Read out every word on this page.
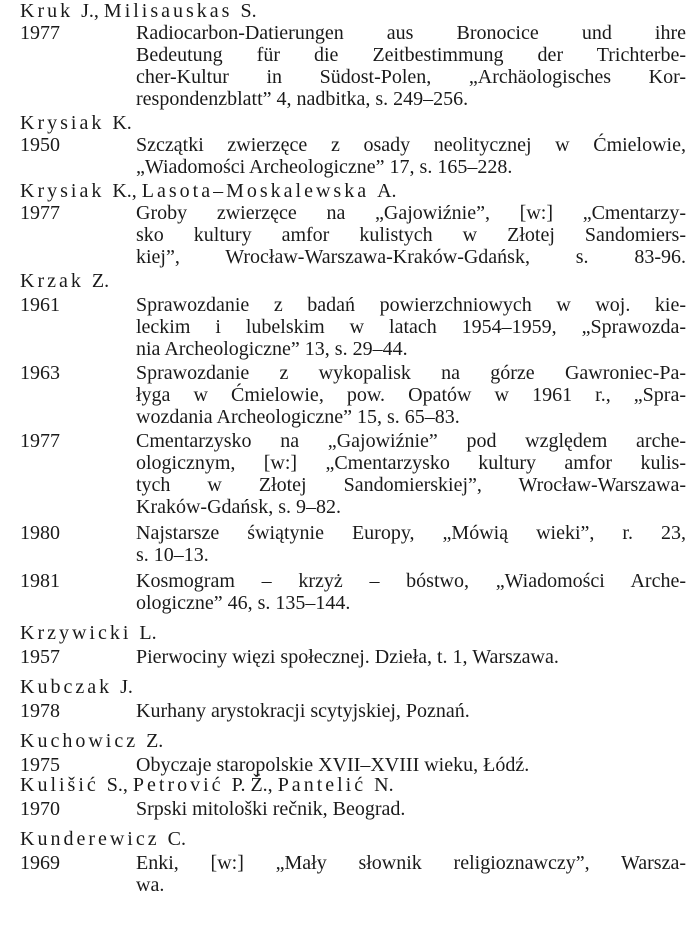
Kruk J., Milisauskas S.
1977	Radiocarbon-Datierungen aus Bronocice und ihre
Bedeutung für die Zeitbestimmung der Trichterbe-
cher-Kultur in Südost-Polen, „Archäologisches Kor-
respondenzblatt” 4, nadbitka, s. 249–256.
Krysiak K.
1950	Szczątki zwierzęce z osady neolitycznej w Ćmielowie,
„Wiadomości Archeologiczne” 17, s. 165–228.
Krysiak K., Lasota–Moskalewska A.
1977	Groby zwierzęce na „Gajowiźnie”, [w:] „Cmentarzy-
sko kultury amfor kulistych w Złotej Sandomiers-
kiej”, Wrocław-Warszawa-Kraków-Gdańsk, s. 83-96.
Krzak Z.
1961	Sprawozdanie z badań powierzchniowych w woj. kie-
leckim i lubelskim w latach 1954–1959, „Sprawozda-
nia Archeologiczne” 13, s. 29–44.
1963	Sprawozdanie z wykopalisk na górze Gawroniec-Pa-
łyga w Ćmielowie, pow. Opatów w 1961 r., „Spra-
wozdania Archeologiczne” 15, s. 65–83.
1977	Cmentarzysko na „Gajowiźnie” pod względem arche-
ologicznym, [w:] „Cmentarzysko kultury amfor kulis-
tych w Złotej Sandomierskiej”, Wrocław-Warszawa-
Kraków-Gdańsk, s. 9–82.
1980	Najstarsze świątynie Europy, „Mówią wieki”, r. 23,
s. 10–13.
1981	Kosmogram – krzyż – bóstwo, „Wiadomości Arche-
ologiczne” 46, s. 135–144.
Krzywicki L.
1957	Pierwociny więzi społecznej. Dzieła, t. 1, Warszawa.
Kubczak J.
1978	Kurhany arystokracji scytyjskiej, Poznań.
Kuchowicz Z.
1975	Obyczaje staropolskie XVII–XVIII wieku, Łódź.
Kulišić S., Petrović P. Ž., Pantelić N.
1970	Srpski mitološki rečnik, Beograd.
Kunderewicz C.
1969	Enki, [w:] „Mały słownik religioznawczy”, Warsza-
wa.
